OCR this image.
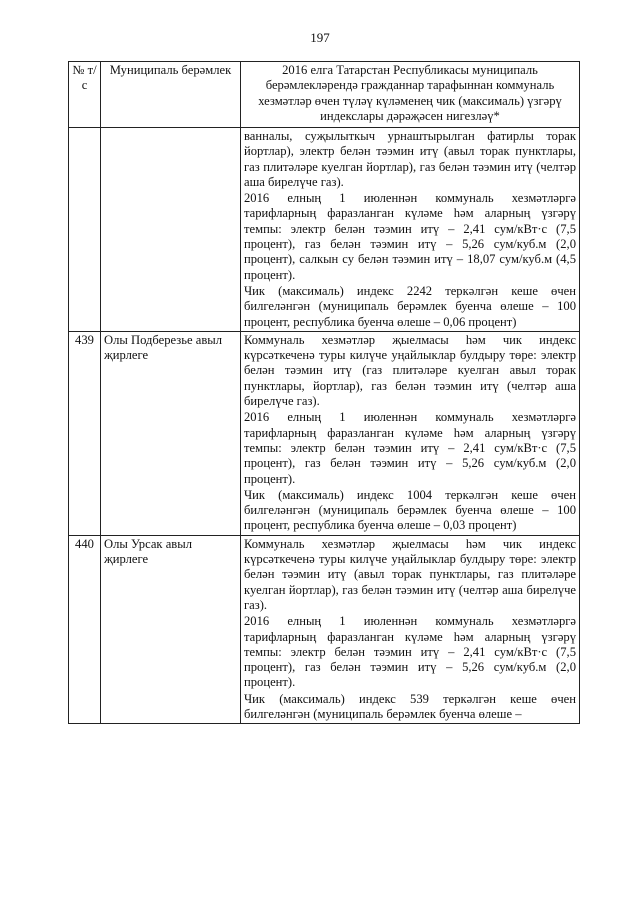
197
№ т/с	Муниципаль берәмлек	2016 елга Татарстан Республикасы муниципаль берәмлекләрендә гражданнар тарафыннан коммуналь хезмәтләр өчен түләү күләменең чик (максималь) үзгәрү индекслары дәрәҗәсен нигезләү*

		ванналы, суҗылыткыч урнаштырылган фатирлы торак йортлар), электр белән тәэмин итү (авыл торак пунктлары, газ плитәләре куелган йортлар), газ белән тәэмин итү (челтәр аша бирелүче газ).
2016 елның 1 июленнән коммуналь хезмәтләргә тарифларның фаразланган күләме һәм аларның үзгәрү темпы: электр белән тәэмин итү – 2,41 сум/кВт·с (7,5 процент), газ белән тәэмин итү – 5,26 сум/куб.м (2,0 процент), салкын су белән тәэмин итү – 18,07 сум/куб.м (4,5 процент).
Чик (максималь) индекс 2242 теркәлгән кеше өчен билгеләнгән (муниципаль берәмлек буенча өлеше – 100 процент, республика буенча өлеше – 0,06 процент)

439	Олы Подберезье авыл җирлеге	Коммуналь хезмәтләр җыелмасы һәм чик индекс күрсәткеченә туры килүче уңайлыклар булдыру төре: электр белән тәэмин итү (газ плитәләре куелган авыл торак пунктлары, йортлар), газ белән тәэмин итү (челтәр аша бирелүче газ).
2016 елның 1 июленнән коммуналь хезмәтләргә тарифларның фаразланган күләме һәм аларның үзгәрү темпы: электр белән тәэмин итү – 2,41 сум/кВт·с (7,5 процент), газ белән тәэмин итү – 5,26 сум/куб.м (2,0 процент).
Чик (максималь) индекс 1004 теркәлгән кеше өчен билгеләнгән (муниципаль берәмлек буенча өлеше – 100 процент, республика буенча өлеше – 0,03 процент)

440	Олы Урсак авыл җирлеге	Коммуналь хезмәтләр җыелмасы һәм чик индекс күрсәткеченә туры килүче уңайлыклар булдыру төре: электр белән тәэмин итү (авыл торак пунктлары, газ плитәләре куелган йортлар), газ белән тәэмин итү (челтәр аша бирелүче газ).
2016 елның 1 июленнән коммуналь хезмәтләргә тарифларның фаразланган күләме һәм аларның үзгәрү темпы: электр белән тәэмин итү – 2,41 сум/кВт·с (7,5 процент), газ белән тәэмин итү – 5,26 сум/куб.м (2,0 процент).
Чик (максималь) индекс 539 теркәлгән кеше өчен билгеләнгән (муниципаль берәмлек буенча өлеше –
